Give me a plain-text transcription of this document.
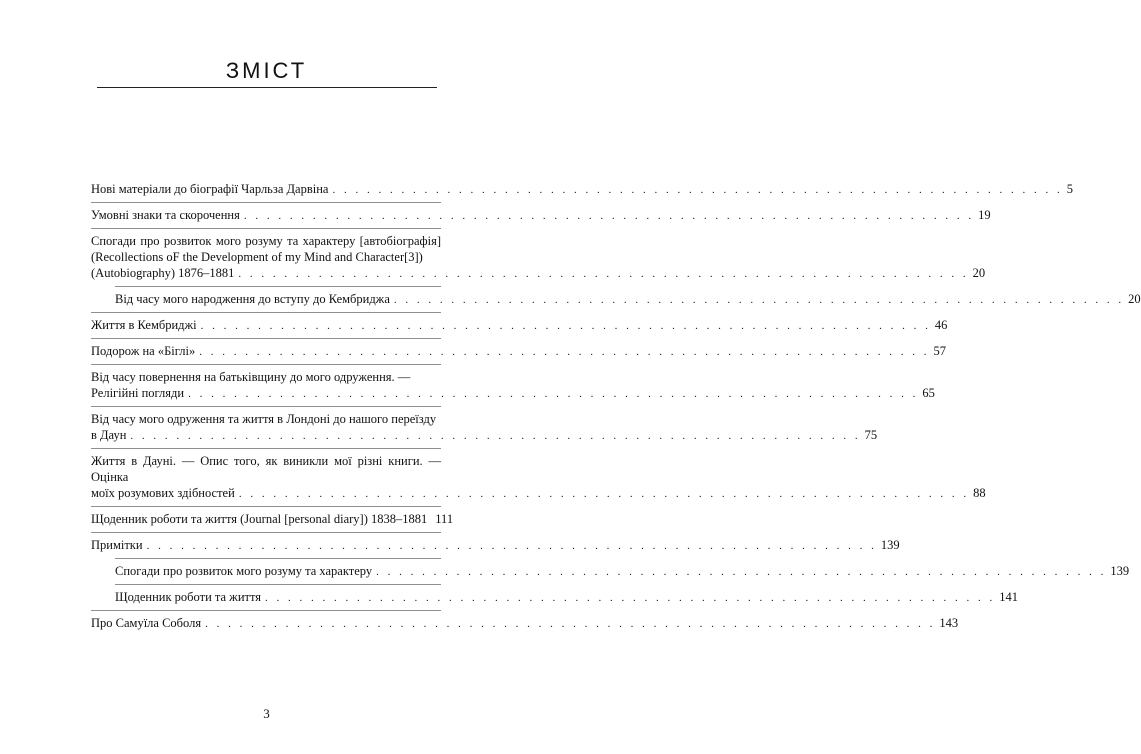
ЗМІСТ
Нові матеріали до біографії Чарльза Дарвіна . . . . . . . . . . . . . . . . . . . . . . . . . . . . . . . . . . . . . . . . . . . . . . . . . . . . . . . . . . . . . . . . 5
Умовні знаки та скорочення . . . . . . . . . . . . . . . . . . . . . . . . . . . . . . . . . . . . . . . . . . . . . . . . . . . . . . . . . . . . . . . . 19
Спогади про розвиток мого розуму та характеру [автобіографія] (Recollections oF the Development of my Mind and Character[3])
(Autobiography) 1876–1881 . . . . . . . . . . . . . . . . . . . . . . . . . . . . . . . . . . . . . . . . . . . . . . . . . . . . . . . . . . . . . . . . 20
Від часу мого народження до вступу до Кембриджа . . . . . . . . . . . . . . . . . . . . . . . . . . . . . . . . . . . . . . . . . . . . . . . . . . . . . . . . . . . . . . . . 20
Життя в Кембриджі . . . . . . . . . . . . . . . . . . . . . . . . . . . . . . . . . . . . . . . . . . . . . . . . . . . . . . . . . . . . . . . . 46
Подорож на «Біглі» . . . . . . . . . . . . . . . . . . . . . . . . . . . . . . . . . . . . . . . . . . . . . . . . . . . . . . . . . . . . . . . . 57
Від часу повернення на батьківщину до мого одруження. —
Релігійні погляди . . . . . . . . . . . . . . . . . . . . . . . . . . . . . . . . . . . . . . . . . . . . . . . . . . . . . . . . . . . . . . . . 65
Від часу мого одруження та життя в Лондоні до нашого переїзду
в Даун . . . . . . . . . . . . . . . . . . . . . . . . . . . . . . . . . . . . . . . . . . . . . . . . . . . . . . . . . . . . . . . . 75
Життя в Дауні. — Опис того, як виникли мої різні книги. — Оцінка
моїх розумових здібностей . . . . . . . . . . . . . . . . . . . . . . . . . . . . . . . . . . . . . . . . . . . . . . . . . . . . . . . . . . . . . . . . 88
Щоденник роботи та життя (Journal [personal diary]) 1838–1881 111
Примітки . . . . . . . . . . . . . . . . . . . . . . . . . . . . . . . . . . . . . . . . . . . . . . . . . . . . . . . . . . . . . . . . 139
Спогади про розвиток мого розуму та характеру . . . . . . . . . . . . . . . . . . . . . . . . . . . . . . . . . . . . . . . . . . . . . . . . . . . . . . . . . . . . . . . . 139
Щоденник роботи та життя . . . . . . . . . . . . . . . . . . . . . . . . . . . . . . . . . . . . . . . . . . . . . . . . . . . . . . . . . . . . . . . . 141
Про Самуїла Соболя . . . . . . . . . . . . . . . . . . . . . . . . . . . . . . . . . . . . . . . . . . . . . . . . . . . . . . . . . . . . . . . . 143
3
